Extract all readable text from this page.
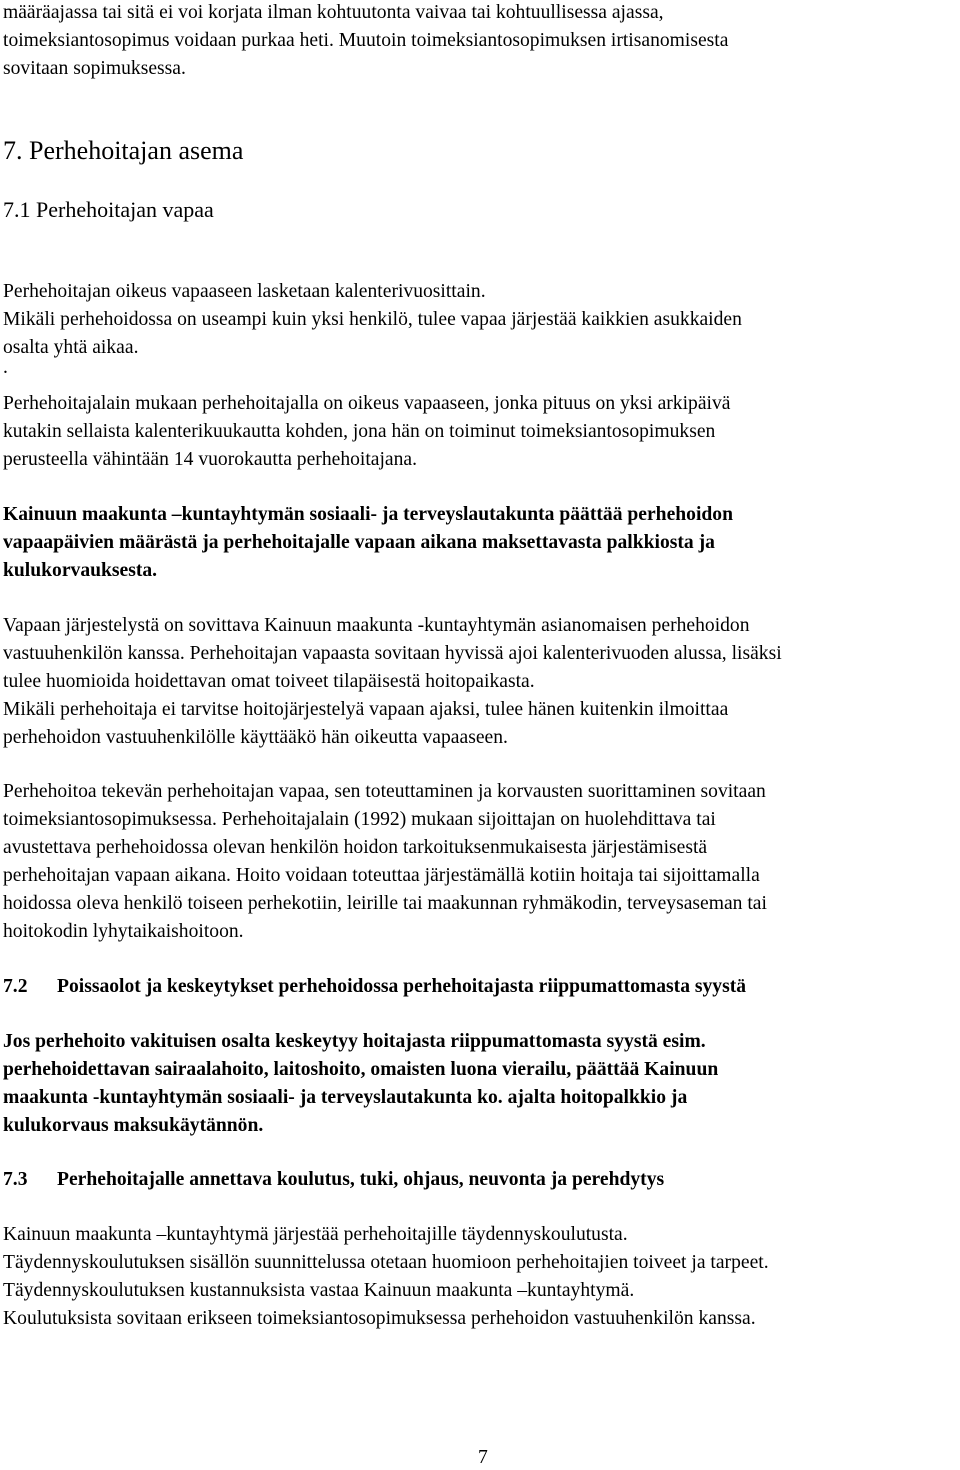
määräajassa tai sitä ei voi korjata ilman kohtuutonta vaivaa tai kohtuullisessa ajassa,

toimeksiantosopimus voidaan purkaa heti. Muutoin toimeksiantosopimuksen irtisanomisesta

sovitaan sopimuksessa.

7. Perhehoitajan asema

7.1 Perhehoitajan vapaa

Perhehoitajan oikeus vapaaseen lasketaan kalenterivuosittain.

Mikäli perhehoidossa on useampi kuin yksi henkilö, tulee vapaa järjestää kaikkien asukkaiden

osalta yhtä aikaa.

.

Perhehoitajalain mukaan perhehoitajalla on oikeus vapaaseen, jonka pituus on yksi arkipäivä

kutakin sellaista kalenterikuukautta kohden, jona hän on toiminut toimeksiantosopimuksen

perusteella vähintään 14 vuorokautta perhehoitajana.

Kainuun maakunta –kuntayhtymän sosiaali- ja terveyslautakunta päättää perhehoidon

vapaapäivien määrästä ja perhehoitajalle vapaan aikana maksettavasta palkkiosta ja

kulukorvauksesta.

Vapaan järjestelystä on sovittava Kainuun maakunta -kuntayhtymän asianomaisen perhehoidon

vastuuhenkilön kanssa. Perhehoitajan vapaasta sovitaan hyvissä ajoi kalenterivuoden alussa, lisäksi

tulee huomioida hoidettavan omat toiveet tilapäisestä hoitopaikasta.

Mikäli perhehoitaja ei tarvitse hoitojärjestelyä vapaan ajaksi, tulee hänen kuitenkin ilmoittaa

perhehoidon vastuuhenkilölle käyttääkö hän oikeutta vapaaseen.

Perhehoitoa tekevän perhehoitajan vapaa, sen toteuttaminen ja korvausten suorittaminen sovitaan

toimeksiantosopimuksessa. Perhehoitajalain (1992) mukaan sijoittajan on huolehdittava tai

avustettava perhehoidossa olevan henkilön hoidon tarkoituksenmukaisesta järjestämisestä

perhehoitajan vapaan aikana. Hoito voidaan toteuttaa järjestämällä kotiin hoitaja tai sijoittamalla

hoidossa oleva henkilö toiseen perhekotiin, leirille tai maakunnan ryhmäkodin, terveysaseman tai

hoitokodin lyhytaikaishoitoon.

7.2 Poissaolot ja keskeytykset perhehoidossa perhehoitajasta riippumattomasta syystä

Jos perhehoito vakituisen osalta keskeytyy hoitajasta riippumattomasta syystä esim.

perhehoidettavan sairaalahoito, laitoshoito, omaisten luona vierailu, päättää Kainuun

maakunta -kuntayhtymän sosiaali- ja terveyslautakunta ko. ajalta hoitopalkkio ja

kulukorvaus maksukäytännön.

7.3 Perhehoitajalle annettava koulutus, tuki, ohjaus, neuvonta ja perehdytys

Kainuun maakunta –kuntayhtymä järjestää perhehoitajille täydennyskoulutusta.

Täydennyskoulutuksen sisällön suunnittelussa otetaan huomioon perhehoitajien toiveet ja tarpeet.

Täydennyskoulutuksen kustannuksista vastaa Kainuun maakunta –kuntayhtymä.

Koulutuksista sovitaan erikseen toimeksiantosopimuksessa perhehoidon vastuuhenkilön kanssa.

7
